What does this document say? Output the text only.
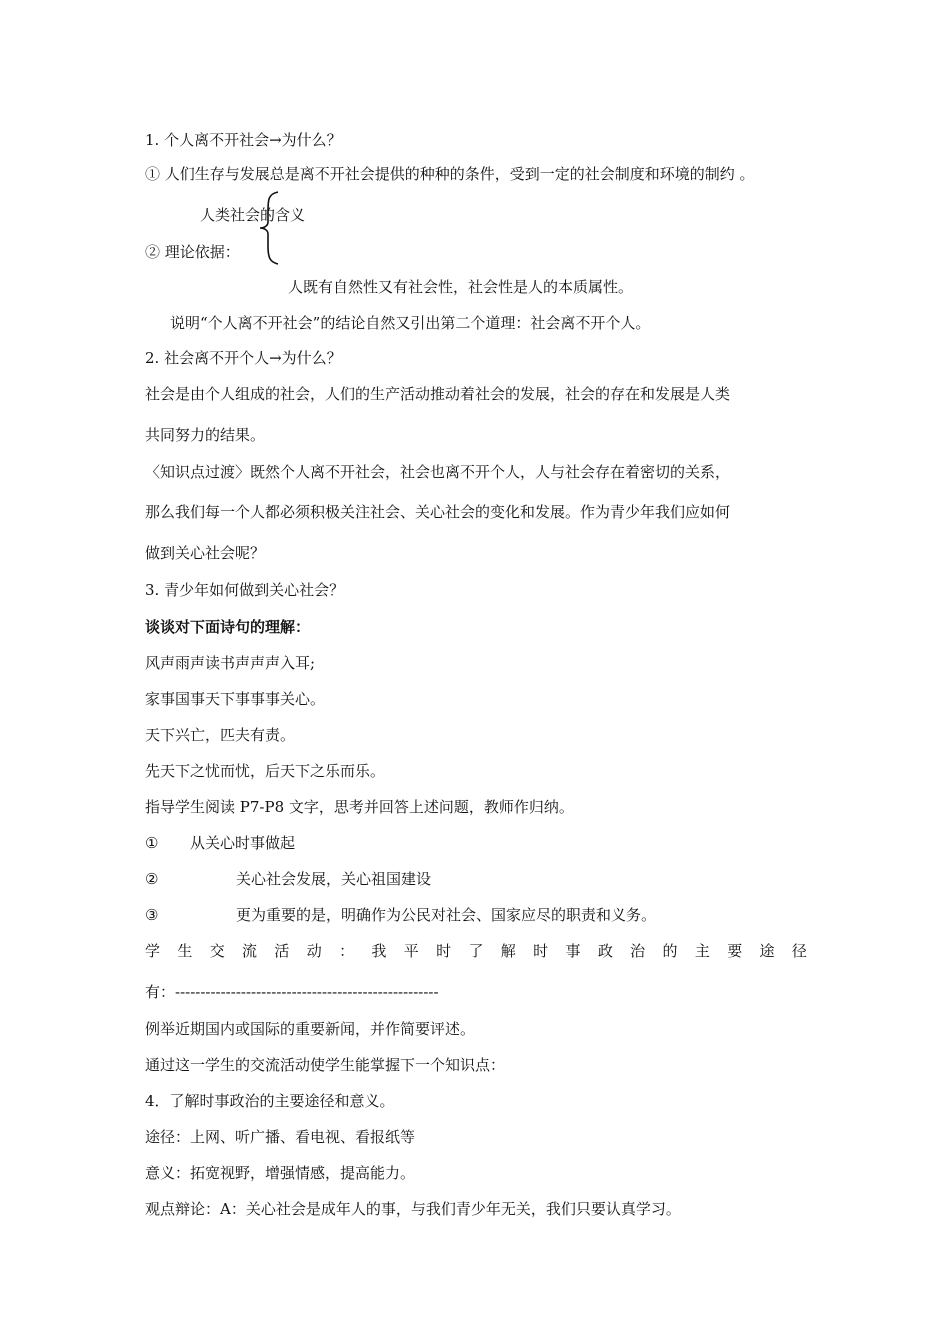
1. 个人离不开社会→为什么？
① 人们生存与发展总是离不开社会提供的种种的条件，受到一定的社会制度和环境的制约 。
人类社会的含义
② 理论依据：
人既有自然性又有社会性，社会性是人的本质属性。
说明“个人离不开社会”的结论自然又引出第二个道理：社会离不开个人。
2. 社会离不开个人→为什么？
社会是由个人组成的社会，人们的生产活动推动着社会的发展，社会的存在和发展是人类
共同努力的结果。
〈知识点过渡〉既然个人离不开社会，社会也离不开个人，人与社会存在着密切的关系，
那么我们每一个人都必须积极关注社会、关心社会的变化和发展。作为青少年我们应如何
做到关心社会呢？
3. 青少年如何做到关心社会？
谈谈对下面诗句的理解：
风声雨声读书声声声入耳;
家事国事天下事事事关心。
天下兴亡，匹夫有责。
先天下之忧而忧，后天下之乐而乐。
指导学生阅读 P7-P8 文字，思考并回答上述问题，教师作归纳。
① 从关心时事做起
②	关心社会发展，关心祖国建设
③	更为重要的是，明确作为公民对社会、国家应尽的职责和义务。
学 生 交 流 活 动 ： 我 平 时 了 解 时 事 政 治 的 主 要 途 径
有：----------------------------------------------------
例举近期国内或国际的重要新闻，并作简要评述。
通过这一学生的交流活动使学生能掌握下一个知识点：
4．了解时事政治的主要途径和意义。
途径：上网、听广播、看电视、看报纸等
意义：拓宽视野，增强情感，提高能力。
观点辩论：A：关心社会是成年人的事，与我们青少年无关，我们只要认真学习。
